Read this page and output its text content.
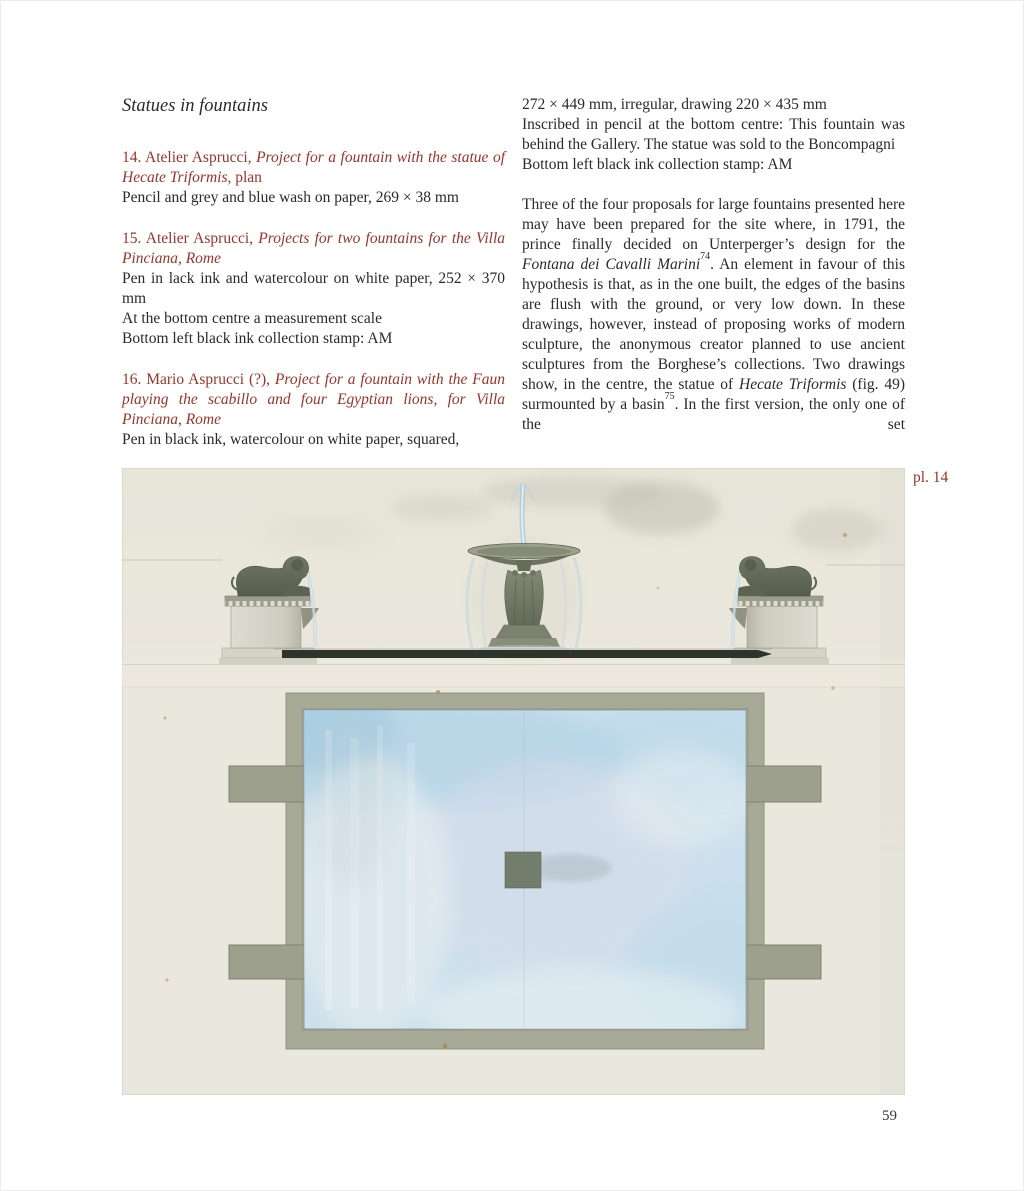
Statues in fountains
14. Atelier Asprucci, Project for a fountain with the statue of Hecate Triformis, plan
Pencil and grey and blue wash on paper, 269 × 38 mm
15. Atelier Asprucci, Projects for two fountains for the Villa Pinciana, Rome
Pen in lack ink and watercolour on white paper, 252 × 370 mm
At the bottom centre a measurement scale
Bottom left black ink collection stamp: AM
16. Mario Asprucci (?), Project for a fountain with the Faun playing the scabillo and four Egyptian lions, for Villa Pinciana, Rome
Pen in black ink, watercolour on white paper, squared,
272 × 449 mm, irregular, drawing 220 × 435 mm
Inscribed in pencil at the bottom centre: This fountain was behind the Gallery. The statue was sold to the Boncompagni
Bottom left black ink collection stamp: AM
Three of the four proposals for large fountains presented here may have been prepared for the site where, in 1791, the prince finally decided on Unterperger’s design for the Fontana dei Cavalli Marini$^{74}$. An element in favour of this hypothesis is that, as in the one built, the edges of the basins are flush with the ground, or very low down. In these drawings, however, instead of proposing works of modern sculpture, the anonymous creator planned to use ancient sculptures from the Borghese’s collections. Two drawings show, in the centre, the statue of Hecate Triformis (fig. 49) surmounted by a basin$^{75}$. In the first version, the only one of the set
pl. 14
59
